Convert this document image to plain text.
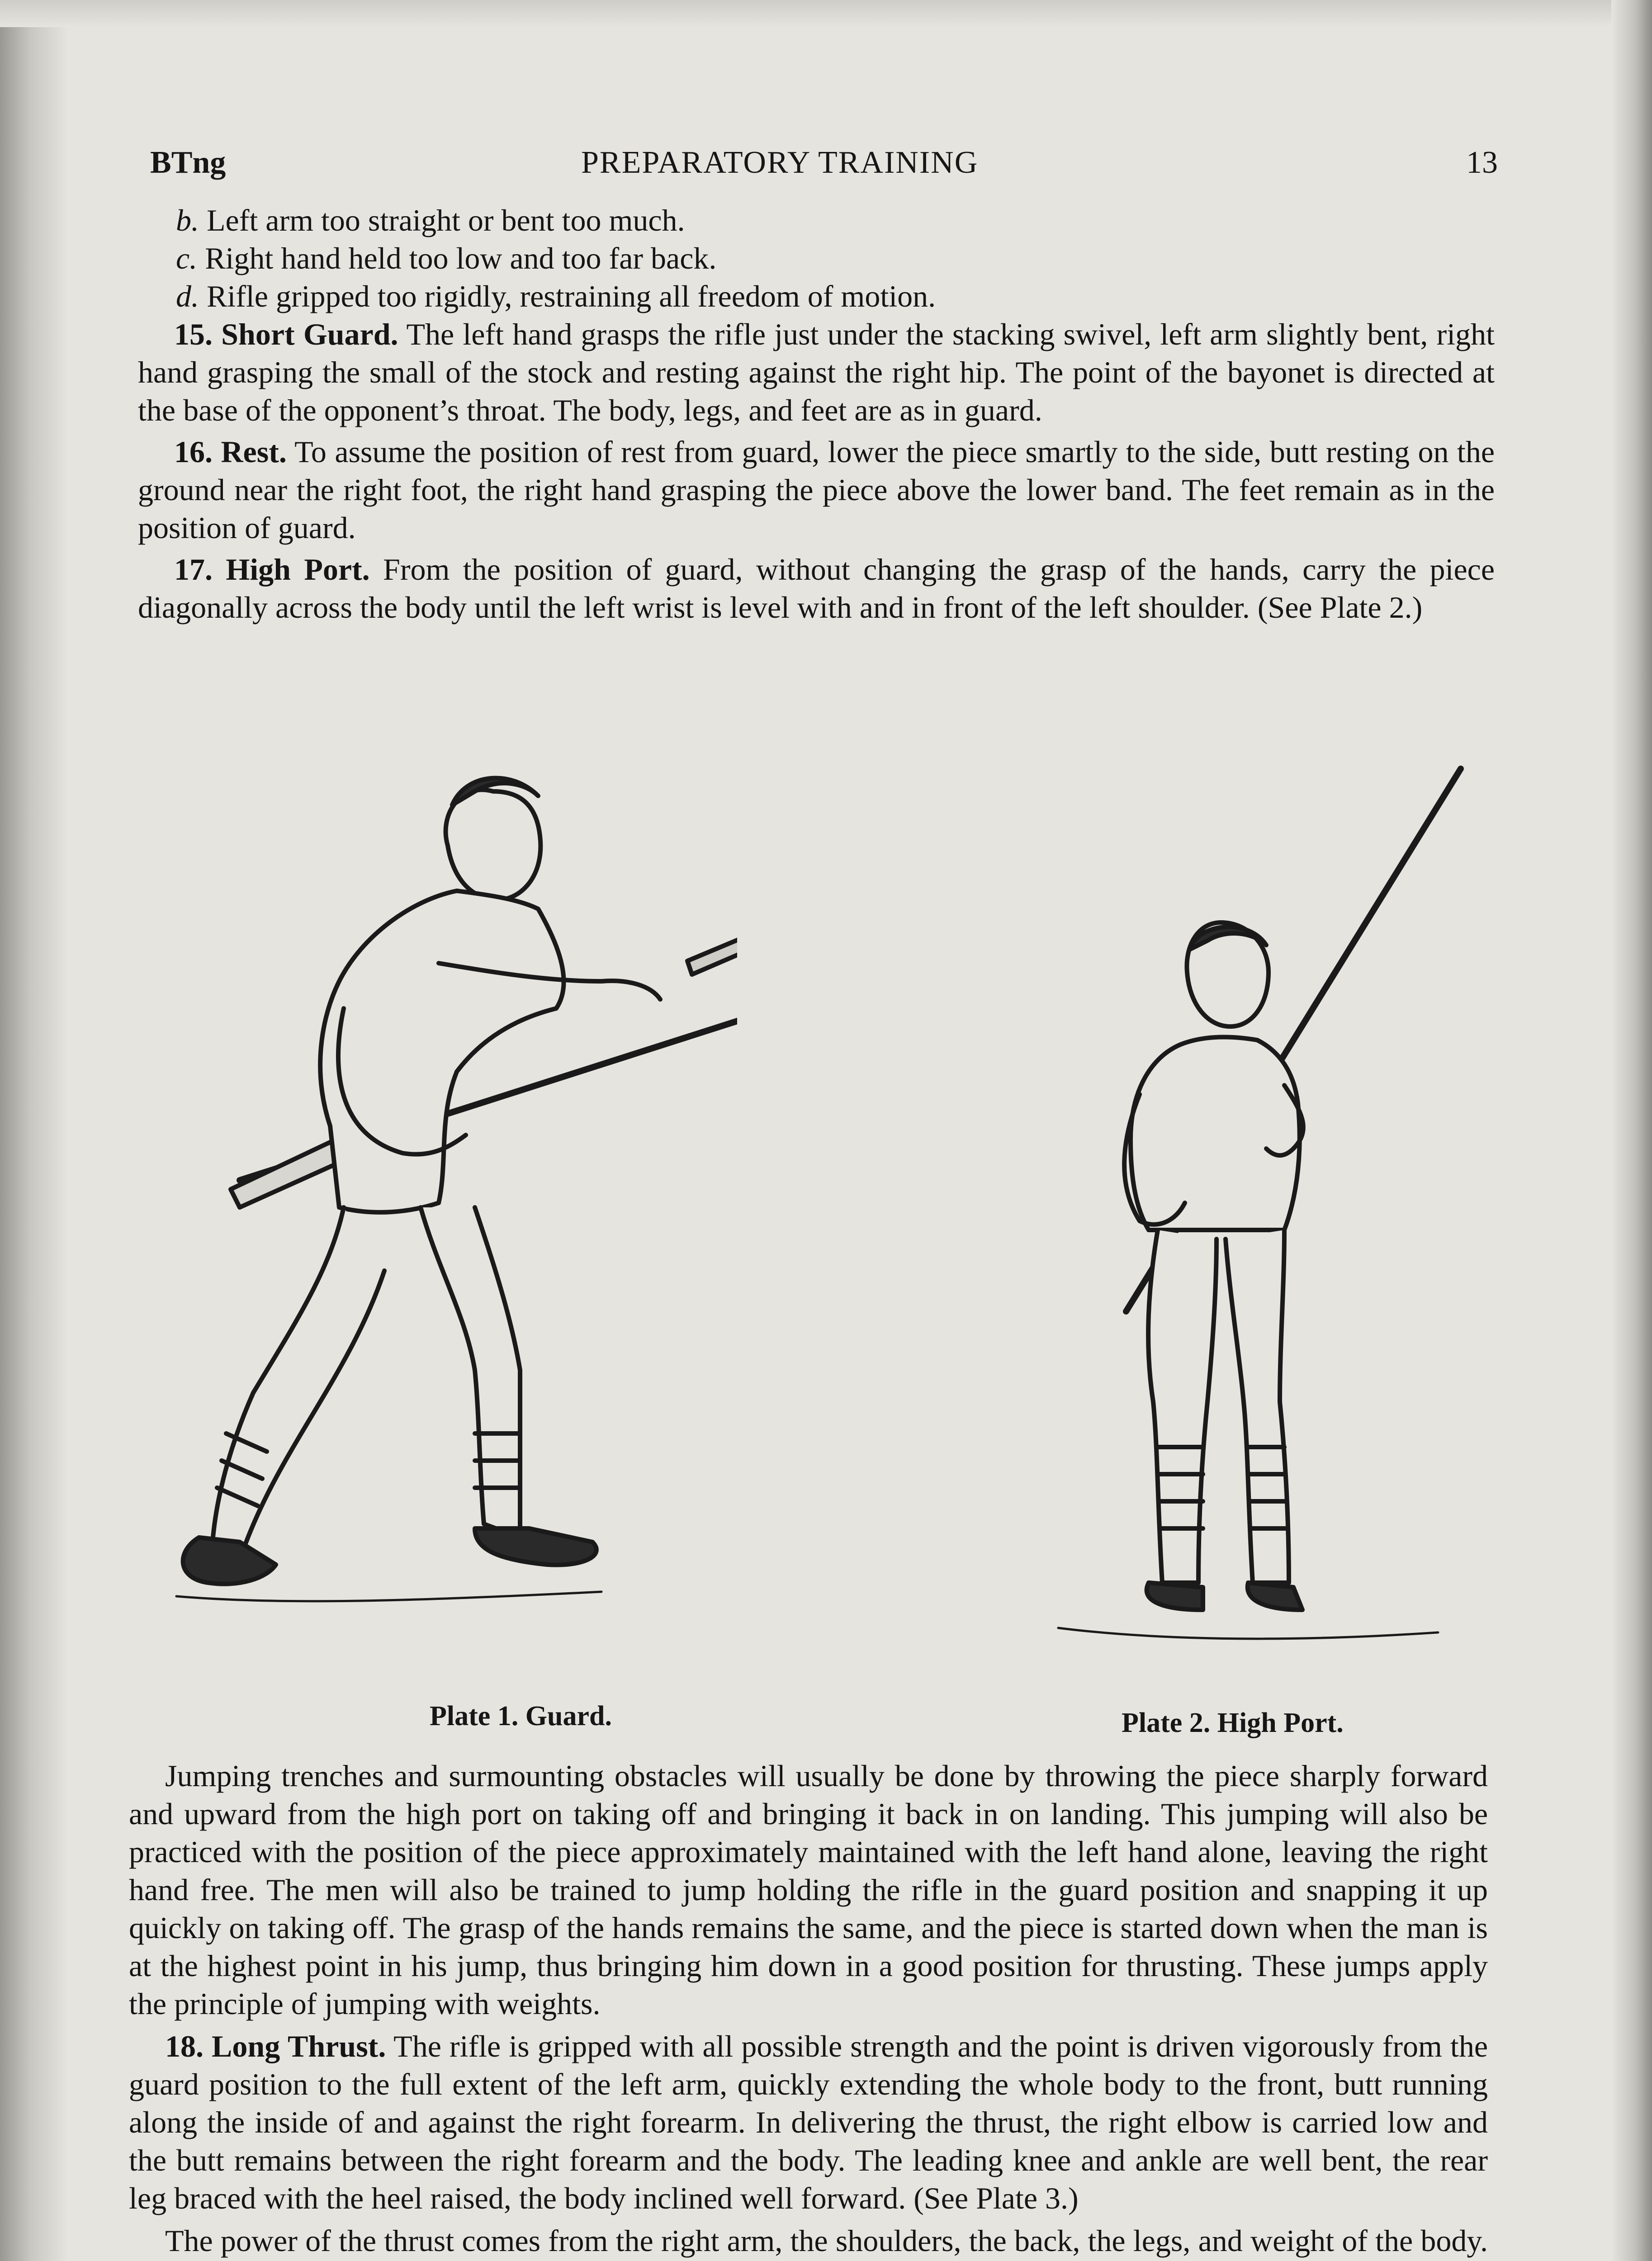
BTng	PREPARATORY TRAINING	13

b. Left arm too straight or bent too much.

c. Right hand held too low and too far back.

d. Rifle gripped too rigidly, restraining all freedom of motion.

15. Short Guard. The left hand grasps the rifle just under the stacking swivel, left arm slightly bent, right hand grasping the small of the stock and resting against the right hip. The point of the bayonet is directed at the base of the opponent’s throat. The body, legs, and feet are as in guard.

16. Rest. To assume the position of rest from guard, lower the piece smartly to the side, butt resting on the ground near the right foot, the right hand grasping the piece above the lower band. The feet remain as in the position of guard.

17. High Port. From the position of guard, without changing the grasp of the hands, carry the piece diagonally across the body until the left wrist is level with and in front of the left shoulder. (See Plate 2.)

Plate 1. Guard.	Plate 2. High Port.

Jumping trenches and surmounting obstacles will usually be done by throwing the piece sharply forward and upward from the high port on taking off and bringing it back in on landing. This jumping will also be practiced with the position of the piece approximately maintained with the left hand alone, leaving the right hand free. The men will also be trained to jump holding the rifle in the guard position and snapping it up quickly on taking off. The grasp of the hands remains the same, and the piece is started down when the man is at the highest point in his jump, thus bringing him down in a good position for thrusting. These jumps apply the principle of jumping with weights.

18. Long Thrust. The rifle is gripped with all possible strength and the point is driven vigorously from the guard position to the full extent of the left arm, quickly extending the whole body to the front, butt running along the inside of and against the right forearm. In delivering the thrust, the right elbow is carried low and the butt remains between the right forearm and the body. The leading knee and ankle are well bent, the rear leg braced with the heel raised, the body inclined well forward. (See Plate 3.)

The power of the thrust comes from the right arm, the shoulders, the back, the legs, and weight of the body.
